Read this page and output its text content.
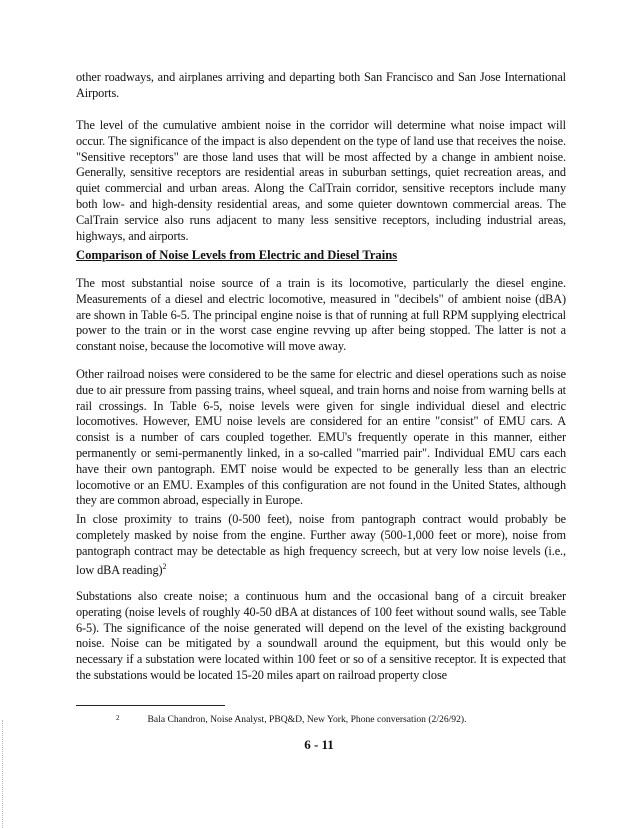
other roadways, and airplanes arriving and departing both San Francisco and San Jose International Airports.

The level of the cumulative ambient noise in the corridor will determine what noise impact will occur. The significance of the impact is also dependent on the type of land use that receives the noise. "Sensitive receptors" are those land uses that will be most affected by a change in ambient noise. Generally, sensitive receptors are residential areas in suburban settings, quiet recreation areas, and quiet commercial and urban areas. Along the CalTrain corridor, sensitive receptors include many both low- and high-density residential areas, and some quieter downtown commercial areas. The CalTrain service also runs adjacent to many less sensitive receptors, including industrial areas, highways, and airports.

Comparison of Noise Levels from Electric and Diesel Trains

The most substantial noise source of a train is its locomotive, particularly the diesel engine. Measurements of a diesel and electric locomotive, measured in "decibels" of ambient noise (dBA) are shown in Table 6-5. The principal engine noise is that of running at full RPM supplying electrical power to the train or in the worst case engine revving up after being stopped. The latter is not a constant noise, because the locomotive will move away.

Other railroad noises were considered to be the same for electric and diesel operations such as noise due to air pressure from passing trains, wheel squeal, and train horns and noise from warning bells at rail crossings. In Table 6-5, noise levels were given for single individual diesel and electric locomotives. However, EMU noise levels are considered for an entire "consist" of EMU cars. A consist is a number of cars coupled together. EMU's frequently operate in this manner, either permanently or semi-permanently linked, in a so-called "married pair". Individual EMU cars each have their own pantograph. EMT noise would be expected to be generally less than an electric locomotive or an EMU. Examples of this configuration are not found in the United States, although they are common abroad, especially in Europe.

In close proximity to trains (0-500 feet), noise from pantograph contract would probably be completely masked by noise from the engine. Further away (500-1,000 feet or more), noise from pantograph contract may be detectable as high frequency screech, but at very low noise levels (i.e., low dBA reading)$^2$

Substations also create noise; a continuous hum and the occasional bang of a circuit breaker operating (noise levels of roughly 40-50 dBA at distances of 100 feet without sound walls, see Table 6-5). The significance of the noise generated will depend on the level of the existing background noise. Noise can be mitigated by a soundwall around the equipment, but this would only be necessary if a substation were located within 100 feet or so of a sensitive receptor. It is expected that the substations would be located 15-20 miles apart on railroad property close

$^2$	Bala Chandron, Noise Analyst, PBQ&D, New York, Phone conversation (2/26/92).
6 - 11
